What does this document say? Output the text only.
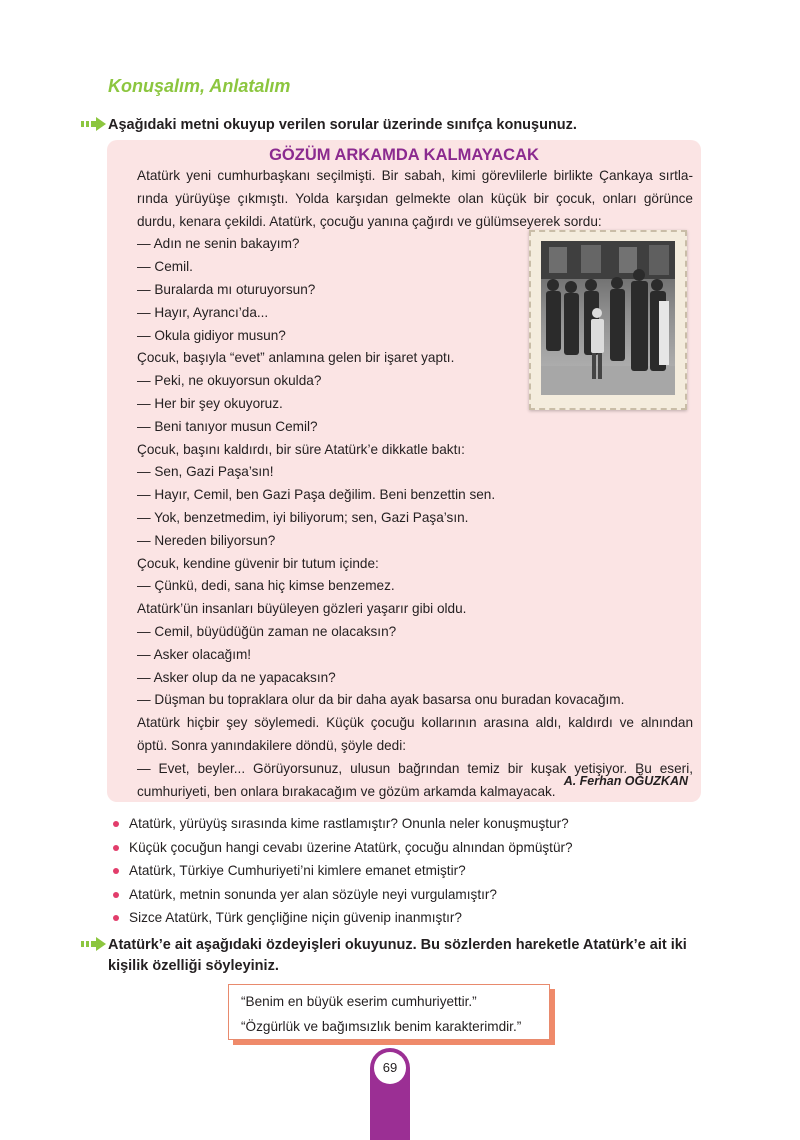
Konuşalım, Anlatalım
Aşağıdaki metni okuyup verilen sorular üzerinde sınıfça konuşunuz.
GÖZÜM ARKAMDA KALMAYACAK

Atatürk yeni cumhurbaşkanı seçilmişti. Bir sabah, kimi görevlilerle birlikte Çankaya sırtlarında yürüyüşe çıkmıştı. Yolda karşıdan gelmekte olan küçük bir çocuk, onları görünce durdu, kenara çekildi. Atatürk, çocuğu yanına çağırdı ve gülümseyerek sordu:

— Adın ne senin bakayım?

— Cemil.

— Buralarda mı oturuyorsun?

— Hayır, Ayrancı’da...

— Okula gidiyor musun?

Çocuk, başıyla “evet” anlamına gelen bir işaret yaptı.

— Peki, ne okuyorsun okulda?

— Her bir şey okuyoruz.

— Beni tanıyor musun Cemil?

Çocuk, başını kaldırdı, bir süre Atatürk’e dikkatle baktı:

— Sen, Gazi Paşa’sın!

— Hayır, Cemil, ben Gazi Paşa değilim. Beni benzettin sen.

— Yok, benzetmedim, iyi biliyorum; sen, Gazi Paşa’sın.

— Nereden biliyorsun?

Çocuk, kendine güvenir bir tutum içinde:

— Çünkü, dedi, sana hiç kimse benzemez.

Atatürk’ün insanları büyüleyen gözleri yaşarır gibi oldu.

— Cemil, büyüdüğün zaman ne olacaksın?

— Asker olacağım!

— Asker olup da ne yapacaksın?

— Düşman bu topraklara olur da bir daha ayak basarsa onu buradan kovacağım.

Atatürk hiçbir şey söylemedi. Küçük çocuğu kollarının arasına aldı, kaldırdı ve alnından öptü. Sonra yanındakilere döndü, şöyle dedi:

— Evet, beyler... Görüyorsunuz, ulusun bağrından temiz bir kuşak yetişiyor. Bu eseri, cumhuriyeti, ben onlara bırakacağım ve gözüm arkamda kalmayacak.

A. Ferhan OĞUZKAN
Atatürk, yürüyüş sırasında kime rastlamıştır? Onunla neler konuşmuştur?
Küçük çocuğun hangi cevabı üzerine Atatürk, çocuğu alnından öpmüştür?
Atatürk, Türkiye Cumhuriyeti’ni kimlere emanet etmiştir?
Atatürk, metnin sonunda yer alan sözüyle neyi vurgulamıştır?
Sizce Atatürk, Türk gençliğine niçin güvenip inanmıştır?
Atatürk’e ait aşağıdaki özdeyişleri okuyunuz. Bu sözlerden hareketle Atatürk’e ait iki kişilik özelliği söyleyiniz.
“Benim en büyük eserim cumhuriyettir.”
“Özgürlük ve bağımsızlık benim karakterimdir.”
69
